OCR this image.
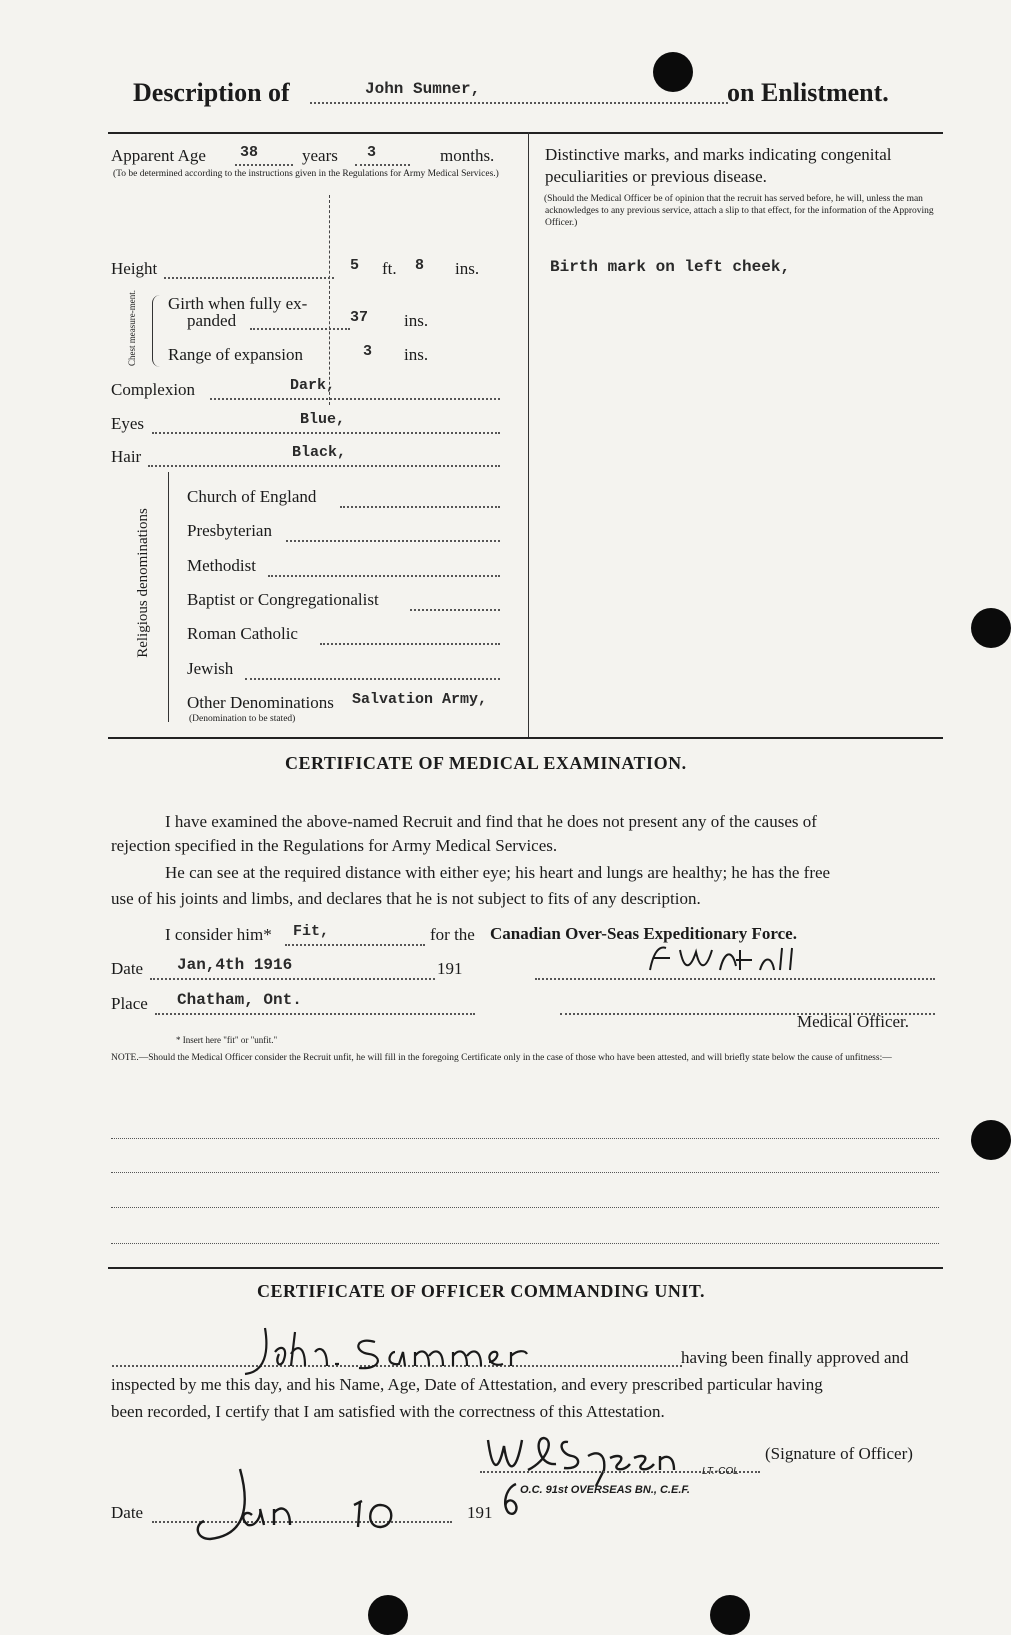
Description of	John Sumner,	on Enlistment.
Apparent Age 38	years 3	months.
(To be determined according to the instructions given in the Regulations for Army Medical Services.)
Height	5 ft. 8 ins.
Chest measure-ment. Girth when fully ex-
panded	37 ins.
Range of expansion	3 ins.
Complexion	Dark,
Eyes	Blue,
Hair	Black,
Religious denominations
Church of England
Presbyterian
Methodist
Baptist or Congregationalist
Roman Catholic
Jewish
Other Denominations Salvation Army,
(Denomination to be stated)
Distinctive marks, and marks indicating congenital
peculiarities or previous disease.
(Should the Medical Officer be of opinion that the recruit has served before, he will, unless the man acknowledges to any previous service, attach a slip to that effect, for the information of the Approving Officer.)
Birth mark on left cheek,
CERTIFICATE OF MEDICAL EXAMINATION.
I have examined the above-named Recruit and find that he does not present any of the causes of
rejection specified in the Regulations for Army Medical Services.
He can see at the required distance with either eye; his heart and lungs are healthy; he has the free
use of his joints and limbs, and declares that he is not subject to fits of any description.
I consider him* Fit,	for the Canadian Over-Seas Expeditionary Force.
Date Jan,4th 1916	191
Place Chatham, Ont.
Medical Officer.
* Insert here "fit" or "unfit."
NOTE.—Should the Medical Officer consider the Recruit unfit, he will fill in the foregoing Certificate only in the case of those who have been attested, and will briefly state below the cause of unfitness:—
CERTIFICATE OF OFFICER COMMANDING UNIT.
having been finally approved and
inspected by me this day, and his Name, Age, Date of Attestation, and every prescribed particular having
been recorded, I certify that I am satisfied with the correctness of this Attestation.
(Signature of Officer)
LT.-COL
O.C. 91st OVERSEAS BN., C.E.F.
Date	191
